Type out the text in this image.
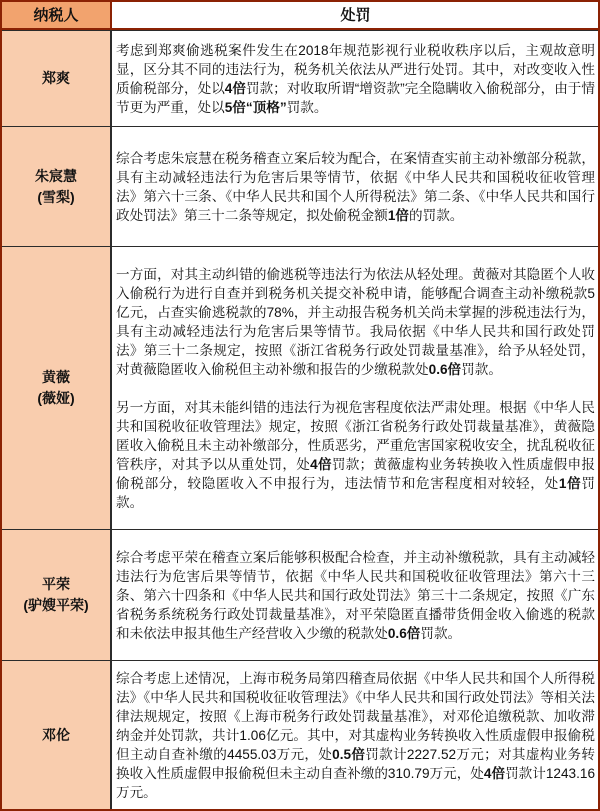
纳税人	处罚
郑爽

考虑到郑爽偷逃税案件发生在2018年规范影视行业税收秩序以后，主观故意明显，区分其不同的违法行为，税务机关依法从严进行处罚。其中，对改变收入性质偷税部分，处以4倍罚款；对收取所谓“增资款”完全隐瞒收入偷税部分，由于情节更为严重，处以5倍“顶格”罚款。

朱宸慧
(雪梨)

综合考虑朱宸慧在税务稽查立案后较为配合，在案情查实前主动补缴部分税款，具有主动减轻违法行为危害后果等情节，依据《中华人民共和国税收征收管理法》第六十三条、《中华人民共和国个人所得税法》第二条、《中华人民共和国行政处罚法》第三十二条等规定，拟处偷税金额1倍的罚款。

黄薇
(薇娅)

一方面，对其主动纠错的偷逃税等违法行为依法从轻处理。黄薇对其隐匿个人收入偷税行为进行自查并到税务机关提交补税申请，能够配合调查主动补缴税款5亿元，占查实偷逃税款的78%，并主动报告税务机关尚未掌握的涉税违法行为，具有主动减轻违法行为危害后果等情节。我局依据《中华人民共和国行政处罚法》第三十二条规定，按照《浙江省税务行政处罚裁量基准》，给予从轻处罚，对黄薇隐匿收入偷税但主动补缴和报告的少缴税款处0.6倍罚款。

另一方面，对其未能纠错的违法行为视危害程度依法严肃处理。根据《中华人民共和国税收征收管理法》规定，按照《浙江省税务行政处罚裁量基准》，黄薇隐匿收入偷税且未主动补缴部分，性质恶劣，严重危害国家税收安全，扰乱税收征管秩序，对其予以从重处罚，处4倍罚款；黄薇虚构业务转换收入性质虚假申报偷税部分，较隐匿收入不申报行为，违法情节和危害程度相对较轻，处1倍罚款。

平荣
(驴嫂平荣)

综合考虑平荣在稽查立案后能够积极配合检查，并主动补缴税款，具有主动减轻违法行为危害后果等情节，依据《中华人民共和国税收征收管理法》第六十三条、第六十四条和《中华人民共和国行政处罚法》第三十二条规定，按照《广东省税务系统税务行政处罚裁量基准》，对平荣隐匿直播带货佣金收入偷逃的税款和未依法申报其他生产经营收入少缴的税款处0.6倍罚款。

邓伦

综合考虑上述情况，上海市税务局第四稽查局依据《中华人民共和国个人所得税法》《中华人民共和国税收征收管理法》《中华人民共和国行政处罚法》等相关法律法规规定，按照《上海市税务行政处罚裁量基准》，对邓伦追缴税款、加收滞纳金并处罚款，共计1.06亿元。其中，对其虚构业务转换收入性质虚假申报偷税但主动自查补缴的4455.03万元，处0.5倍罚款计2227.52万元；对其虚构业务转换收入性质虚假申报偷税但未主动自查补缴的310.79万元，处4倍罚款计1243.16万元。
